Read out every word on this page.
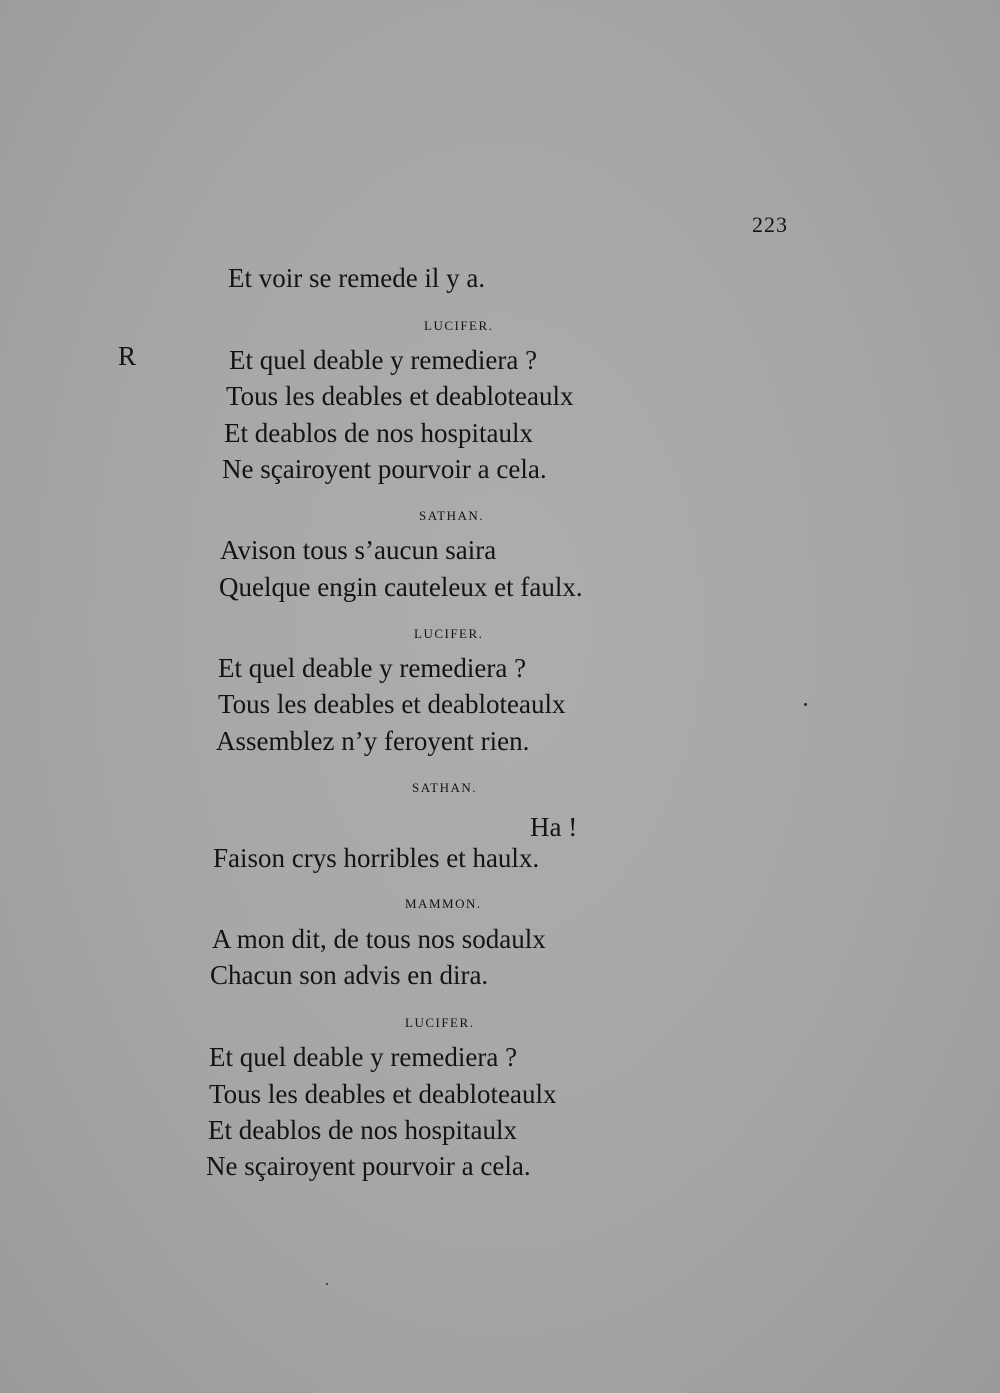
223
R
Et voir se remede il y a.
LUCIFER.
Et quel deable y remediera ?
Tous les deables et deabloteaulx
Et deablos de nos hospitaulx
Ne sçairoyent pourvoir a cela.
SATHAN.
Avison tous s’aucun saira
Quelque engin cauteleux et faulx.
LUCIFER.
Et quel deable y remediera ?
Tous les deables et deabloteaulx
Assemblez n’y feroyent rien.
SATHAN.
Ha !
Faison crys horribles et haulx.
MAMMON.
A mon dit, de tous nos sodaulx
Chacun son advis en dira.
LUCIFER.
Et quel deable y remediera ?
Tous les deables et deabloteaulx
Et deablos de nos hospitaulx
Ne sçairoyent pourvoir a cela.
